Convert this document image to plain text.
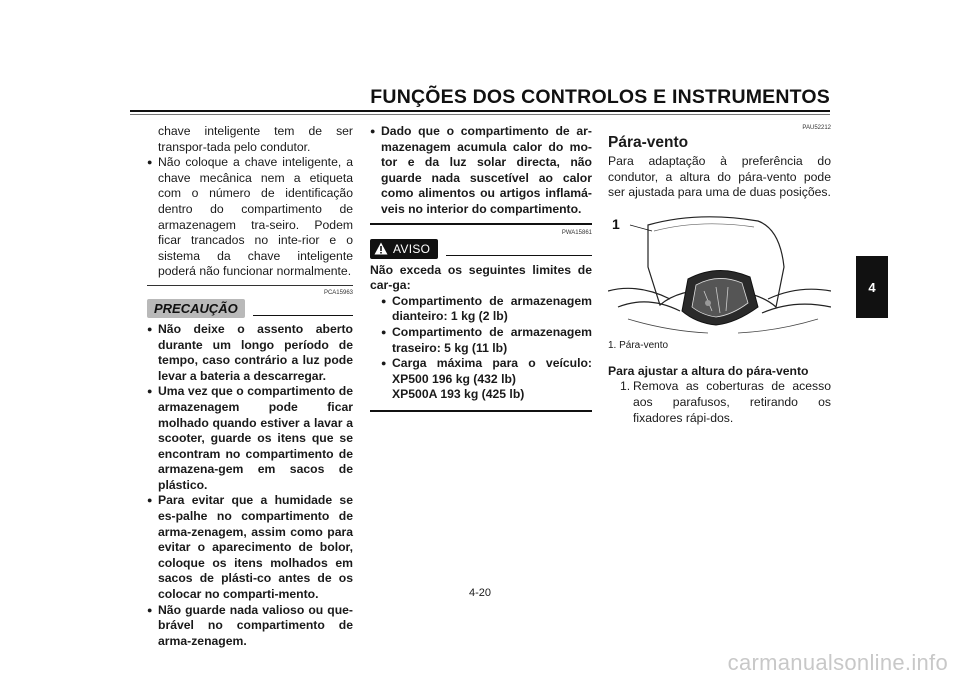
FUNÇÕES DOS CONTROLOS E INSTRUMENTOS
4

chave inteligente tem de ser transpor-tada pelo condutor.

● Não coloque a chave inteligente, a chave mecânica nem a etiqueta com o número de identificação dentro do compartimento de armazenagem tra-seiro. Podem ficar trancados no inte-rior e o sistema da chave inteligente poderá não funcionar normalmente.

PCA15963
PRECAUÇÃO

● Não deixe o assento aberto durante um longo período de tempo, caso contrário a luz pode levar a bateria a descarregar.

● Uma vez que o compartimento de armazenagem pode ficar molhado quando estiver a lavar a scooter, guarde os itens que se encontram no compartimento de armazena-gem em sacos de plástico.

● Para evitar que a humidade se es-palhe no compartimento de arma-zenagem, assim como para evitar o aparecimento de bolor, coloque os itens molhados em sacos de plásti-co antes de os colocar no comparti-mento.

● Não guarde nada valioso ou que-brável no compartimento de arma-zenagem.

● Dado que o compartimento de ar-mazenagem acumula calor do mo-tor e da luz solar directa, não guarde nada suscetível ao calor como alimentos ou artigos inflamá-veis no interior do compartimento.

PWA15861
AVISO

Não exceda os seguintes limites de car-ga:

● Compartimento de armazenagem dianteiro: 1 kg (2 lb)

● Compartimento de armazenagem traseiro: 5 kg (11 lb)

● Carga máxima para o veículo:
XP500 196 kg (432 lb)
XP500A 193 kg (425 lb)

PAU52212
Pára-vento

Para adaptação à preferência do condutor, a altura do pára-vento pode ser ajustada para uma de duas posições.

1
1. Pára-vento

Para ajustar a altura do pára-vento

1. Remova as coberturas de acesso aos parafusos, retirando os fixadores rápi-dos.

4-20
carmanualsonline.info
